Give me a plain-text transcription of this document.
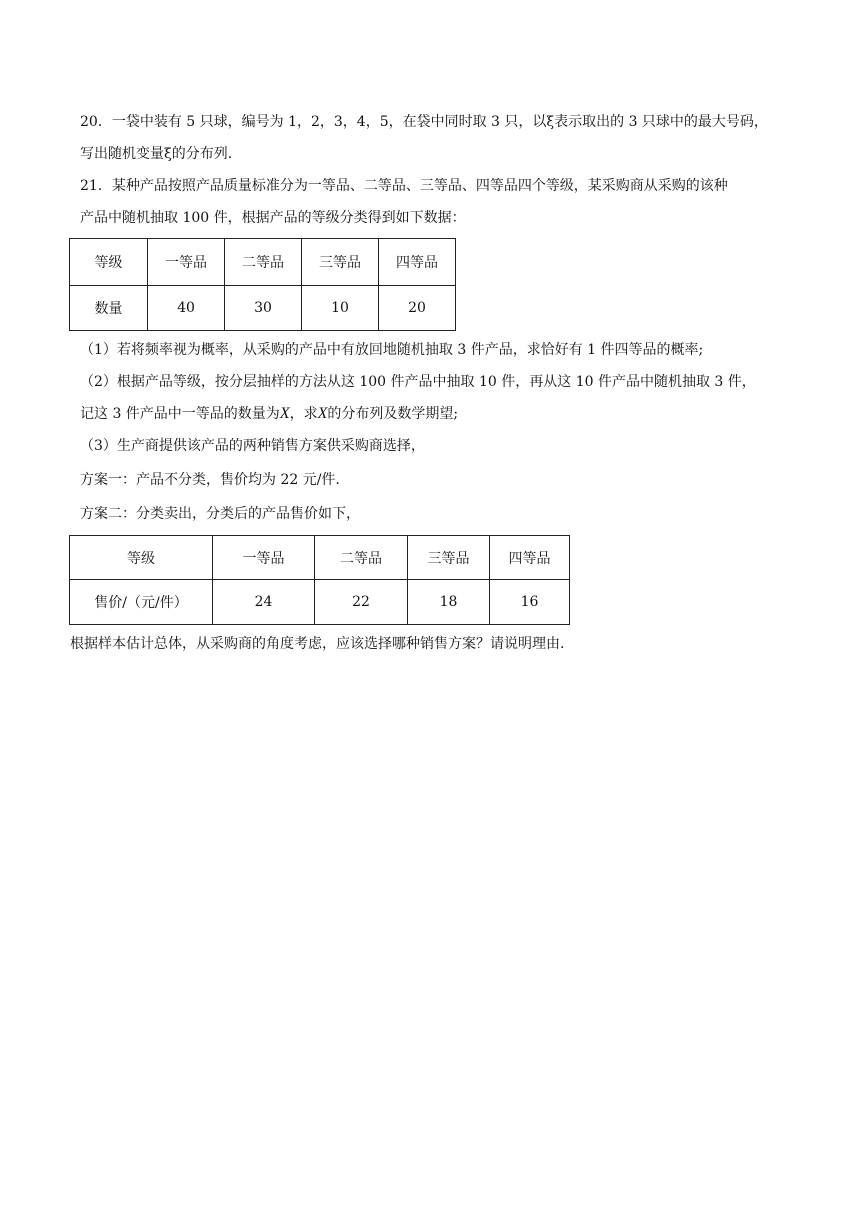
20．一袋中装有 5 只球，编号为 1，2，3，4，5，在袋中同时取 3 只，以ξ表示取出的 3 只球中的最大号码，
写出随机变量ξ的分布列.
21．某种产品按照产品质量标准分为一等品、二等品、三等品、四等品四个等级，某采购商从采购的该种
产品中随机抽取 100 件，根据产品的等级分类得到如下数据：
等级	一等品	二等品	三等品	四等品
数量	40	30	10	20
（1）若将频率视为概率，从采购的产品中有放回地随机抽取 3 件产品，求恰好有 1 件四等品的概率;
（2）根据产品等级，按分层抽样的方法从这 100 件产品中抽取 10 件，再从这 10 件产品中随机抽取 3 件，
记这 3 件产品中一等品的数量为X，求X的分布列及数学期望;
（3）生产商提供该产品的两种销售方案供采购商选择，
方案一：产品不分类，售价均为 22 元/件.
方案二：分类卖出，分类后的产品售价如下，
等级	一等品	二等品	三等品	四等品
售价/（元/件）	24	22	18	16
根据样本估计总体，从采购商的角度考虑，应该选择哪种销售方案？请说明理由.
